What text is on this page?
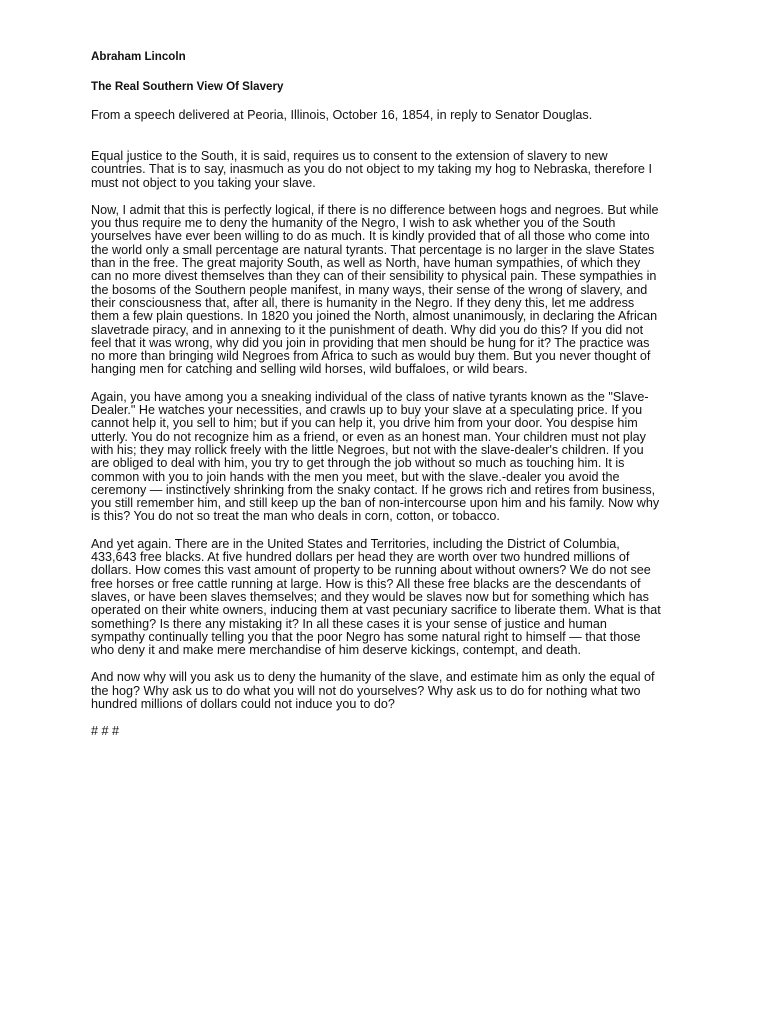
Abraham Lincoln

The Real Southern View Of Slavery

From a speech delivered at Peoria, Illinois, October 16, 1854, in reply to Senator Douglas.

Equal justice to the South, it is said, requires us to consent to the extension of slavery to new
countries. That is to say, inasmuch as you do not object to my taking my hog to Nebraska, therefore I
must not object to you taking your slave.
Now, I admit that this is perfectly logical, if there is no difference between hogs and negroes. But while
you thus require me to deny the humanity of the Negro, I wish to ask whether you of the South
yourselves have ever been willing to do as much. It is kindly provided that of all those who come into
the world only a small percentage are natural tyrants. That percentage is no larger in the slave States
than in the free. The great majority South, as well as North, have human sympathies, of which they
can no more divest themselves than they can of their sensibility to physical pain. These sympathies in
the bosoms of the Southern people manifest, in many ways, their sense of the wrong of slavery, and
their consciousness that, after all, there is humanity in the Negro. If they deny this, let me address
them a few plain questions. In 1820 you joined the North, almost unanimously, in declaring the African
slavetrade piracy, and in annexing to it the punishment of death. Why did you do this? If you did not
feel that it was wrong, why did you join in providing that men should be hung for it? The practice was
no more than bringing wild Negroes from Africa to such as would buy them. But you never thought of
hanging men for catching and selling wild horses, wild buffaloes, or wild bears.
Again, you have among you a sneaking individual of the class of native tyrants known as the "Slave-
Dealer." He watches your necessities, and crawls up to buy your slave at a speculating price. If you
cannot help it, you sell to him; but if you can help it, you drive him from your door. You despise him
utterly. You do not recognize him as a friend, or even as an honest man. Your children must not play
with his; they may rollick freely with the little Negroes, but not with the slave-dealer's children. If you
are obliged to deal with him, you try to get through the job without so much as touching him. It is
common with you to join hands with the men you meet, but with the slave.-dealer you avoid the
ceremony — instinctively shrinking from the snaky contact. If he grows rich and retires from business,
you still remember him, and still keep up the ban of non-intercourse upon him and his family. Now why
is this? You do not so treat the man who deals in corn, cotton, or tobacco.
And yet again. There are in the United States and Territories, including the District of Columbia,
433,643 free blacks. At five hundred dollars per head they are worth over two hundred millions of
dollars. How comes this vast amount of property to be running about without owners? We do not see
free horses or free cattle running at large. How is this? All these free blacks are the descendants of
slaves, or have been slaves themselves; and they would be slaves now but for something which has
operated on their white owners, inducing them at vast pecuniary sacrifice to liberate them. What is that
something? Is there any mistaking it? In all these cases it is your sense of justice and human
sympathy continually telling you that the poor Negro has some natural right to himself — that those
who deny it and make mere merchandise of him deserve kickings, contempt, and death.
And now why will you ask us to deny the humanity of the slave, and estimate him as only the equal of
the hog? Why ask us to do what you will not do yourselves? Why ask us to do for nothing what two
hundred millions of dollars could not induce you to do?

# # #
